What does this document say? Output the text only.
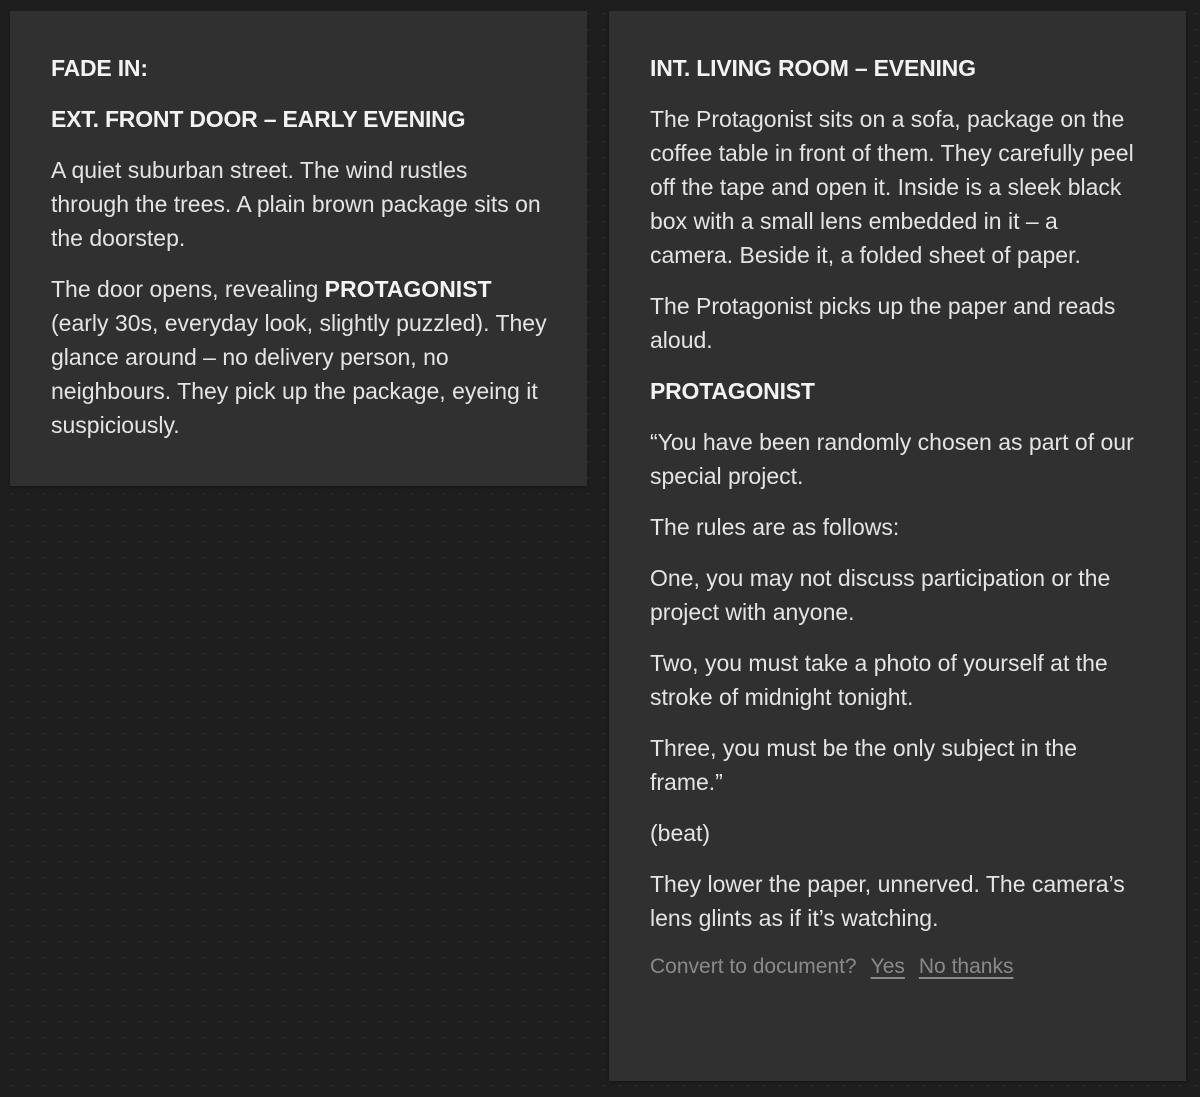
FADE IN:

EXT. FRONT DOOR – EARLY EVENING

A quiet suburban street. The wind rustles through the trees. A plain brown package sits on the doorstep.

The door opens, revealing PROTAGONIST (early 30s, everyday look, slightly puzzled). They glance around – no delivery person, no neighbours. They pick up the package, eyeing it suspiciously.

INT. LIVING ROOM – EVENING

The Protagonist sits on a sofa, package on the coffee table in front of them. They carefully peel off the tape and open it. Inside is a sleek black box with a small lens embedded in it – a camera. Beside it, a folded sheet of paper.

The Protagonist picks up the paper and reads aloud.

PROTAGONIST

“You have been randomly chosen as part of our special project.

The rules are as follows:

One, you may not discuss participation or the project with anyone.

Two, you must take a photo of yourself at the stroke of midnight tonight.

Three, you must be the only subject in the frame.”

(beat)

They lower the paper, unnerved. The camera’s lens glints as if it’s watching.

Convert to document? Yes No thanks
